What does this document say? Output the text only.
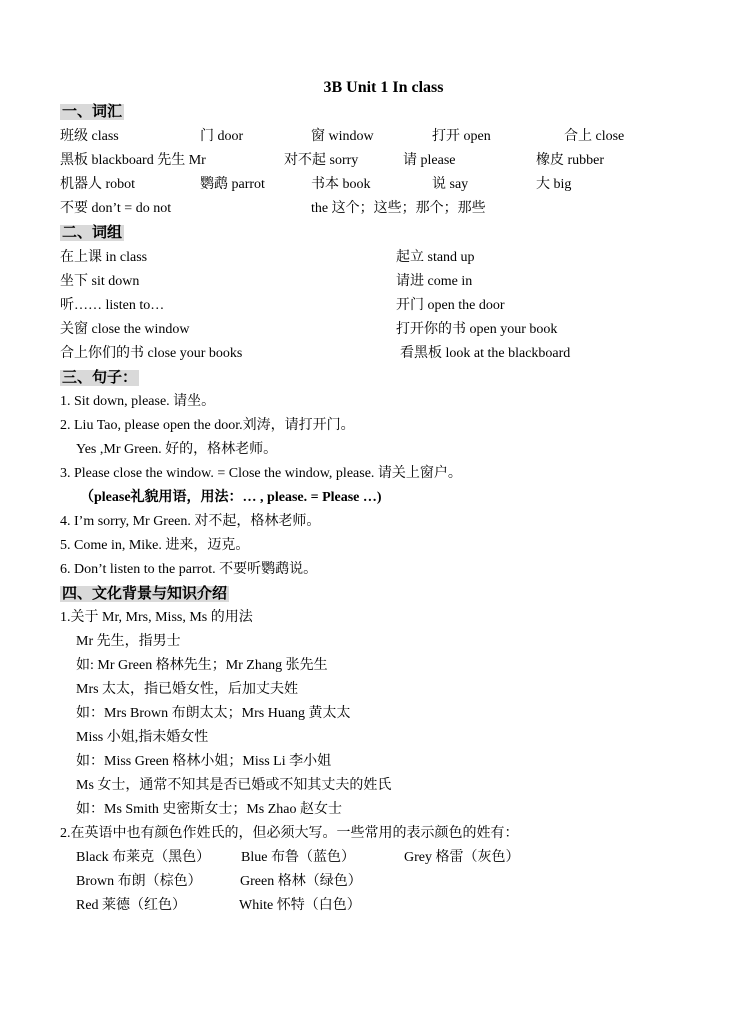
3B Unit 1 In class
一、词汇
班级 class	门 door	窗 window	打开 open	合上 close
黑板 blackboard 先生 Mr	对不起 sorry	请 please	橡皮 rubber
机器人 robot	鹦鹉 parrot	书本 book	说 say	大 big
不要 don’t = do not	the 这个；这些；那个；那些
二、词组
在上课 in class	起立 stand up
坐下 sit down	请进 come in
听…… listen to…	开门 open the door
关窗 close the window	打开你的书 open your book
合上你们的书 close your books	看黑板 look at the blackboard
三、句子：
1. Sit down, please. 请坐。
2. Liu Tao, please open the door.刘涛，请打开门。
Yes ,Mr Green. 好的，格林老师。
3. Please close the window. = Close the window, please. 请关上窗户。
（please礼貌用语，用法：… , please. = Please …)
4. I’m sorry, Mr Green. 对不起，格林老师。
5. Come in, Mike. 进来，迈克。
6. Don’t listen to the parrot. 不要听鹦鹉说。
四、文化背景与知识介绍
1.关于 Mr, Mrs, Miss, Ms 的用法
Mr 先生，指男士
如: Mr Green 格林先生；Mr Zhang 张先生
Mrs 太太，指已婚女性，后加丈夫姓
如：Mrs Brown 布朗太太；Mrs Huang 黄太太
Miss 小姐,指未婚女性
如：Miss Green 格林小姐；Miss Li 李小姐
Ms 女士，通常不知其是否已婚或不知其丈夫的姓氏
如：Ms Smith 史密斯女士；Ms Zhao 赵女士
2.在英语中也有颜色作姓氏的，但必须大写。一些常用的表示颜色的姓有：
Black 布莱克（黑色） Blue 布鲁（蓝色）	Grey 格雷（灰色）
Brown 布朗（棕色）	Green 格林（绿色）
Red 莱德（红色）	White 怀特（白色）
